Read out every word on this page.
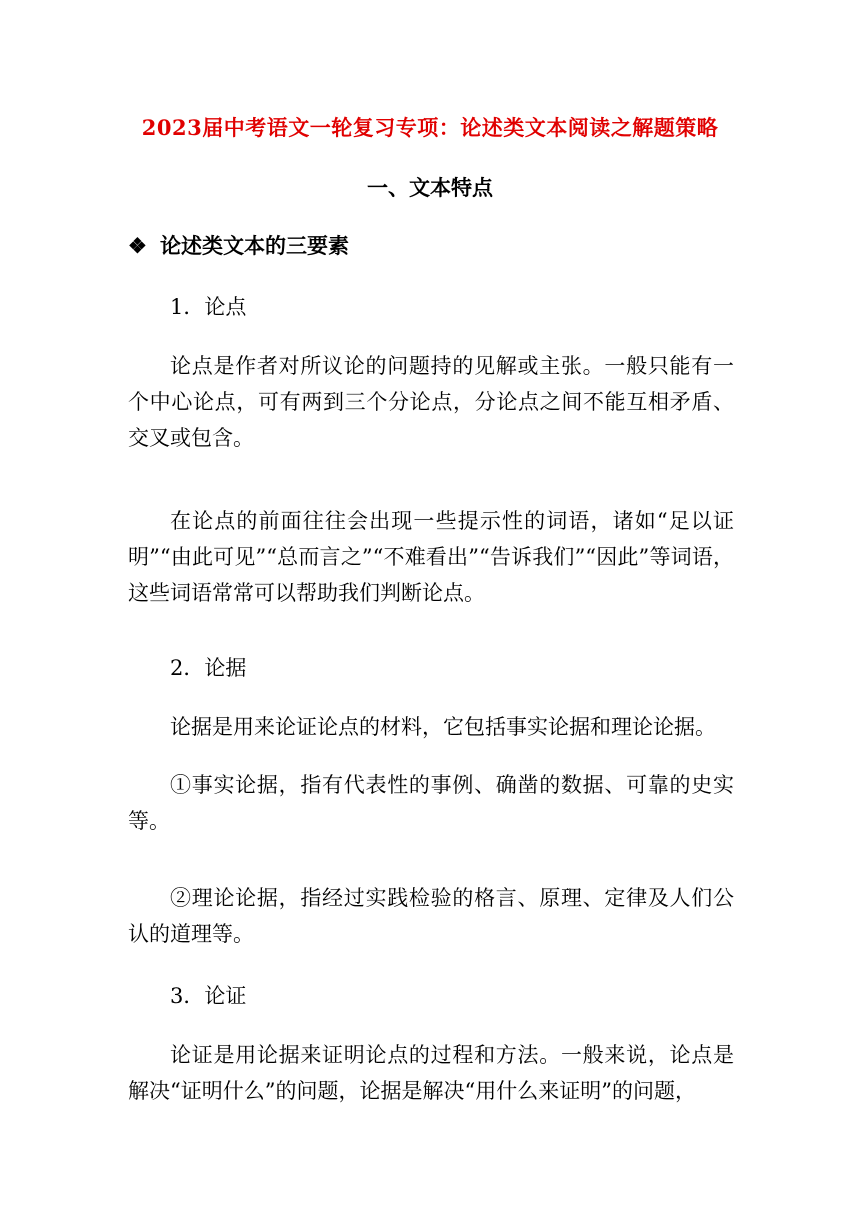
2023届中考语文一轮复习专项：论述类文本阅读之解题策略
一、文本特点
❖ 论述类文本的三要素
1．论点
论点是作者对所议论的问题持的见解或主张。一般只能有一个中心论点，可有两到三个分论点，分论点之间不能互相矛盾、交叉或包含。
在论点的前面往往会出现一些提示性的词语，诸如“足以证明”“由此可见”“总而言之”“不难看出”“告诉我们”“因此”等词语，这些词语常常可以帮助我们判断论点。
2．论据
论据是用来论证论点的材料，它包括事实论据和理论论据。
①事实论据，指有代表性的事例、确凿的数据、可靠的史实等。
②理论论据，指经过实践检验的格言、原理、定律及人们公认的道理等。
3．论证
论证是用论据来证明论点的过程和方法。一般来说，论点是解决“证明什么”的问题，论据是解决“用什么来证明”的问题，
